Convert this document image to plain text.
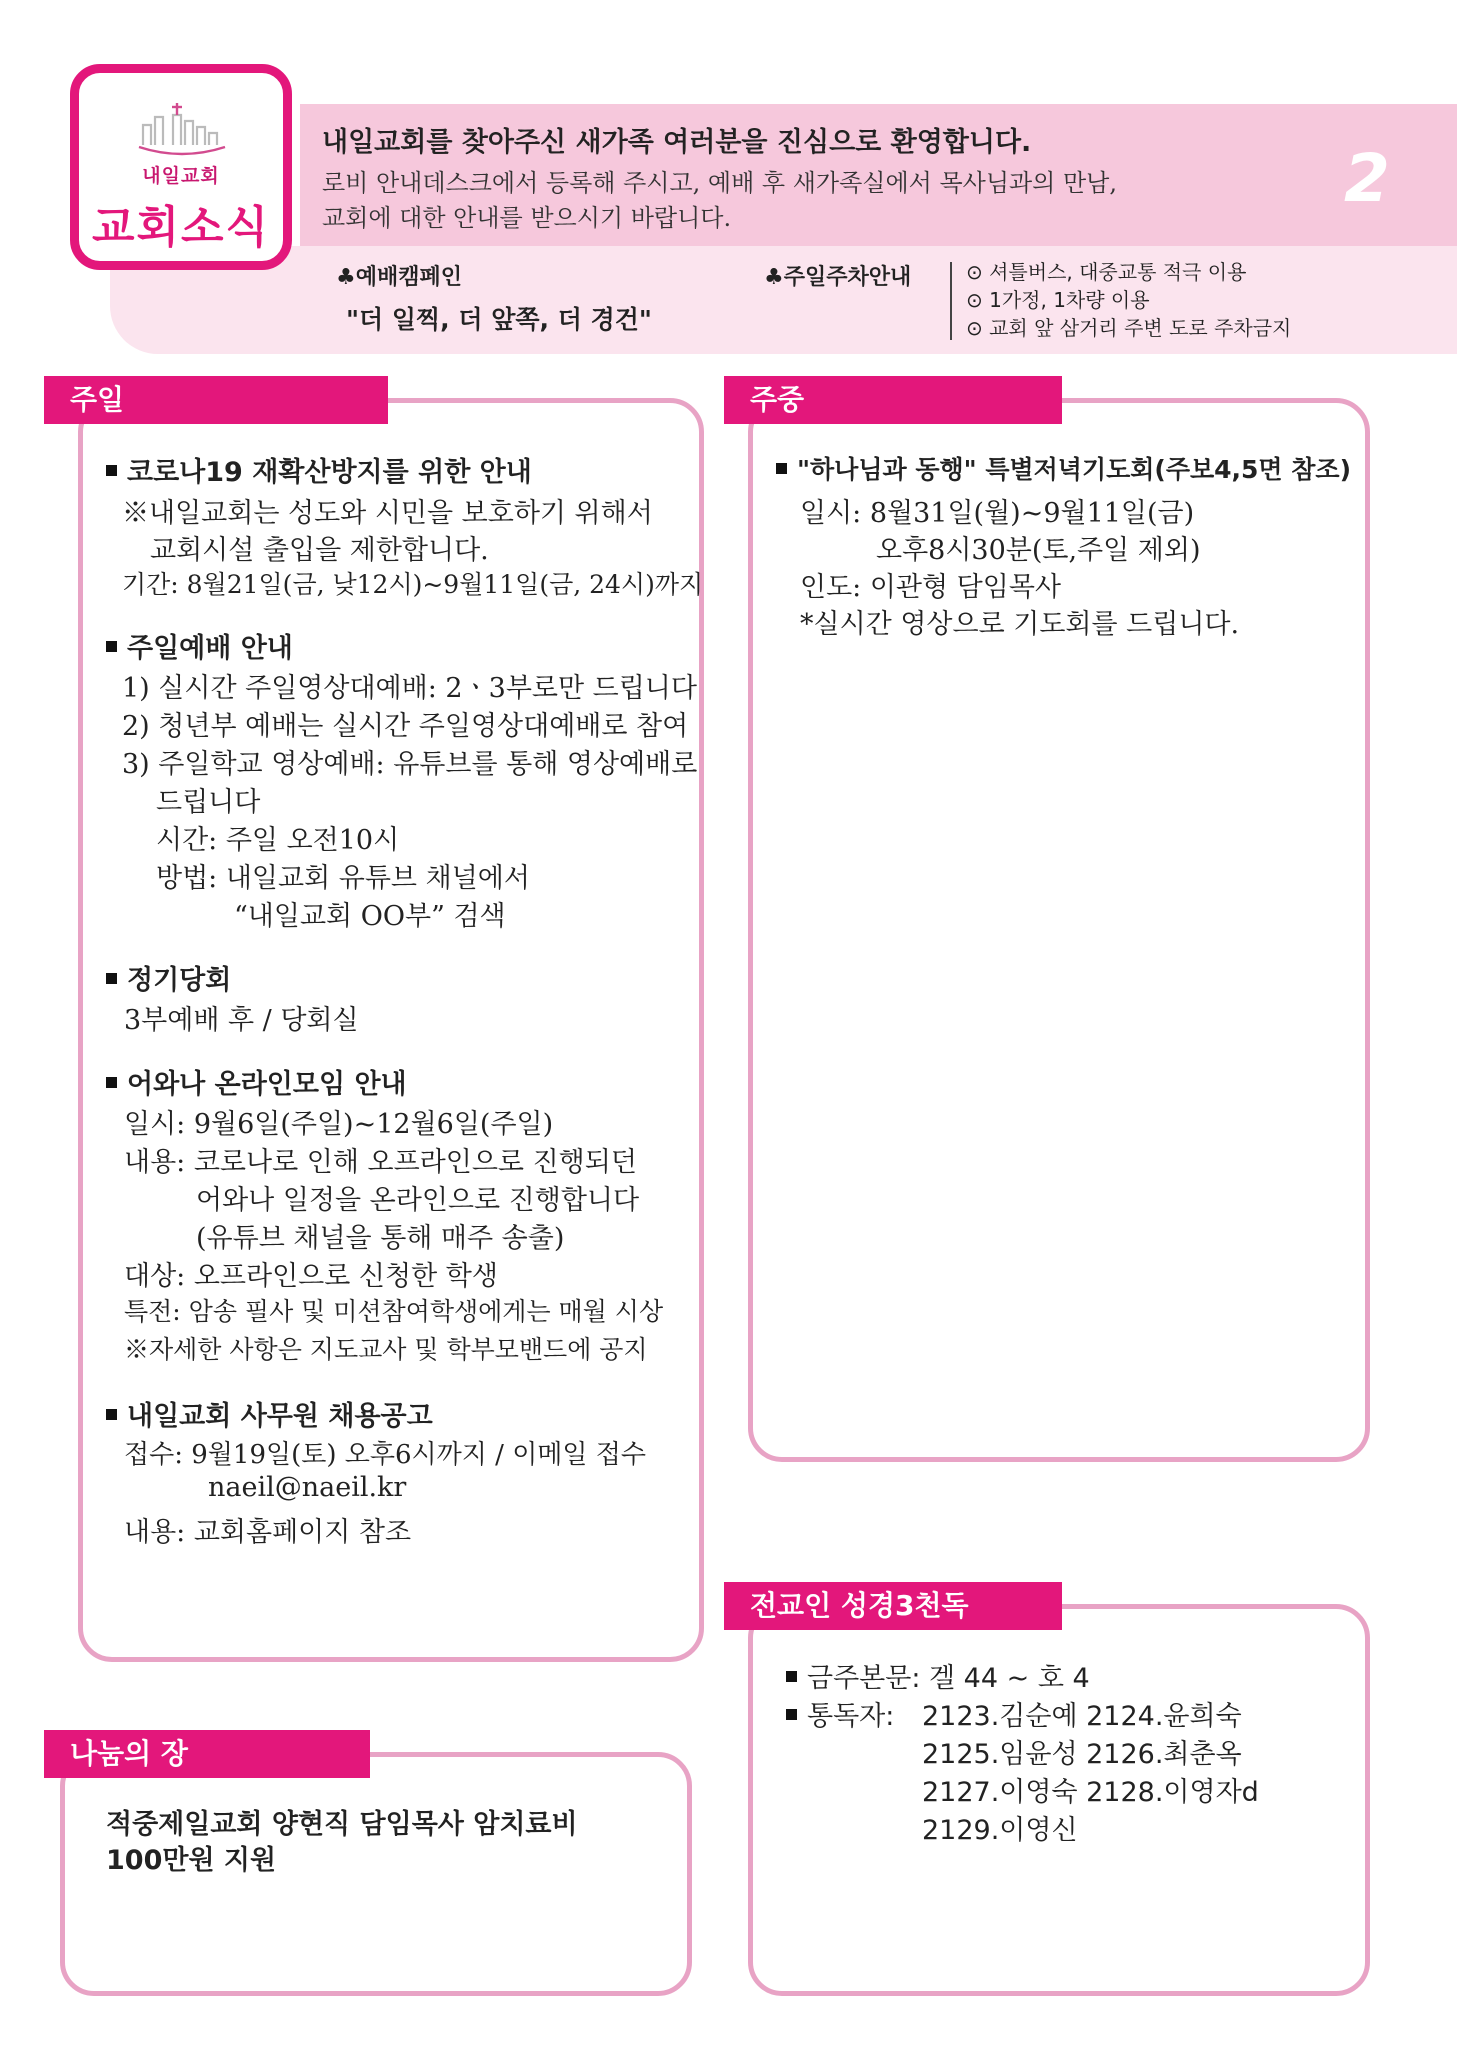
내일교회
교회소식
내일교회를 찾아주신 새가족 여러분을 진심으로 환영합니다.
로비 안내데스크에서 등록해 주시고, 예배 후 새가족실에서 목사님과의 만남,
교회에 대한 안내를 받으시기 바랍니다.
2
♣예배캠페인
"더 일찍, 더 앞쪽, 더 경건"
♣주일주차안내	⊙ 셔틀버스, 대중교통 적극 이용
⊙ 1가정, 1차량 이용
⊙ 교회 앞 삼거리 주변 도로 주차금지
주일
코로나19 재확산방지를 위한 안내
※내일교회는 성도와 시민을 보호하기 위해서
교회시설 출입을 제한합니다.
기간: 8월21일(금, 낮12시)~9월11일(금, 24시)까지
주일예배 안내
1) 실시간 주일영상대예배: 2ㆍ3부로만 드립니다
2) 청년부 예배는 실시간 주일영상대예배로 참여
3) 주일학교 영상예배: 유튜브를 통해 영상예배로
드립니다
시간: 주일 오전10시
방법: 내일교회 유튜브 채널에서
“내일교회 OO부” 검색
정기당회
3부예배 후 / 당회실
어와나 온라인모임 안내
일시: 9월6일(주일)~12월6일(주일)
내용: 코로나로 인해 오프라인으로 진행되던
어와나 일정을 온라인으로 진행합니다
(유튜브 채널을 통해 매주 송출)
대상: 오프라인으로 신청한 학생
특전: 암송 필사 및 미션참여학생에게는 매월 시상
※자세한 사항은 지도교사 및 학부모밴드에 공지
내일교회 사무원 채용공고
접수: 9월19일(토) 오후6시까지 / 이메일 접수
naeil@naeil.kr
내용: 교회홈페이지 참조
주중
"하나님과 동행" 특별저녁기도회(주보4,5면 참조)
일시: 8월31일(월)~9월11일(금)
오후8시30분(토,주일 제외)
인도: 이관형 담임목사
*실시간 영상으로 기도회를 드립니다.
나눔의 장
적중제일교회 양현직 담임목사 암치료비
100만원 지원
전교인 성경3천독
금주본문: 겔 44 ~ 호 4
통독자: 2123.김순예 2124.윤희숙
2125.임윤성 2126.최춘옥
2127.이영숙 2128.이영자d
2129.이영신
